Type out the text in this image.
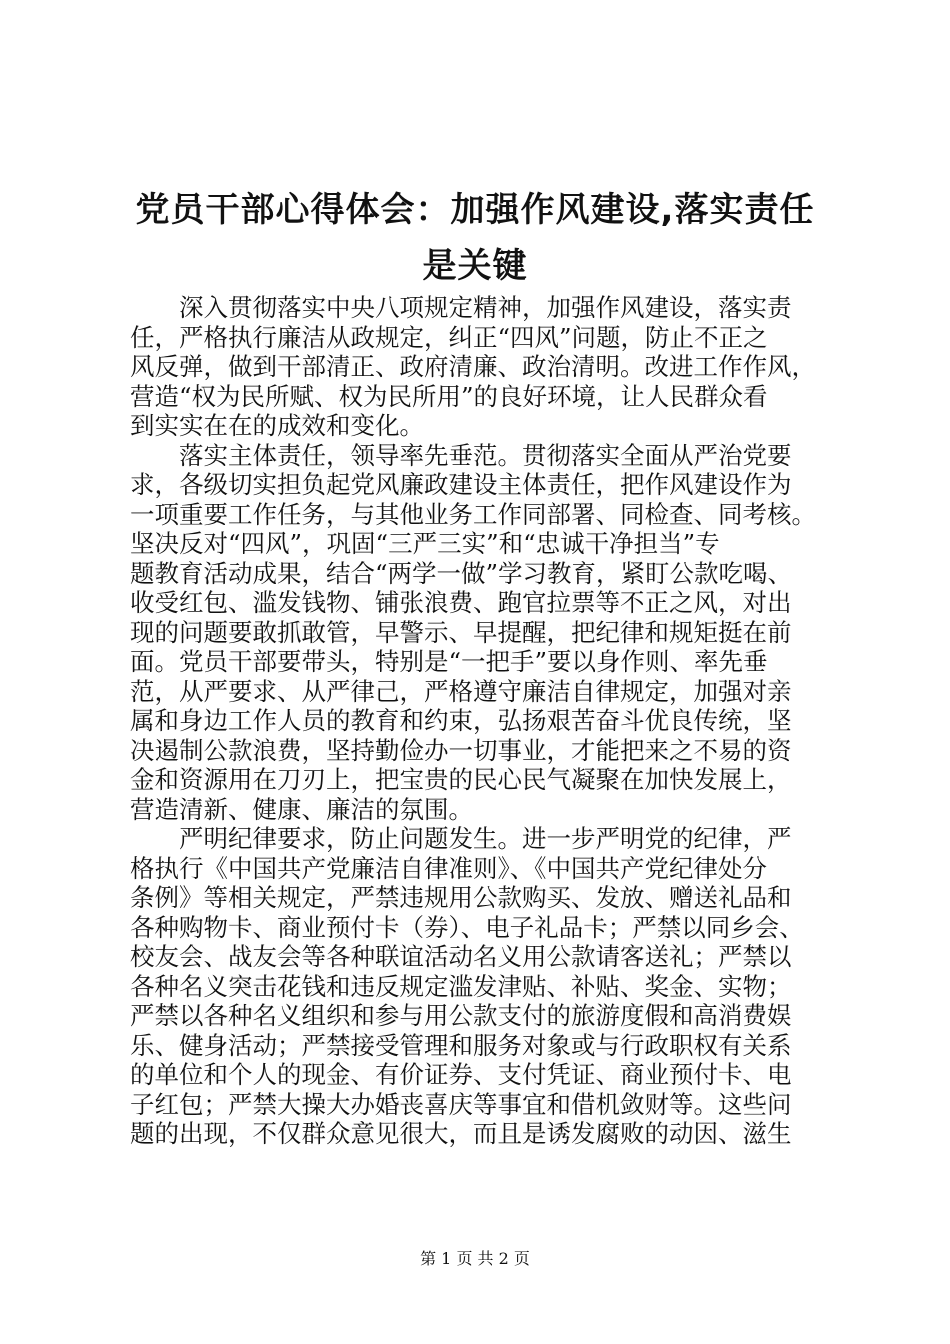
党员干部心得体会：加强作风建设,落实责任
是关键
　　深入贯彻落实中央八项规定精神，加强作风建设，落实责
任，严格执行廉洁从政规定，纠正“四风”问题，防止不正之
风反弹，做到干部清正、政府清廉、政治清明。改进工作作风，
营造“权为民所赋、权为民所用”的良好环境，让人民群众看
到实实在在的成效和变化。
　　落实主体责任，领导率先垂范。贯彻落实全面从严治党要
求，各级切实担负起党风廉政建设主体责任，把作风建设作为
一项重要工作任务，与其他业务工作同部署、同检查、同考核。
坚决反对“四风”，巩固“三严三实”和“忠诚干净担当”专
题教育活动成果，结合“两学一做”学习教育，紧盯公款吃喝、
收受红包、滥发钱物、铺张浪费、跑官拉票等不正之风，对出
现的问题要敢抓敢管，早警示、早提醒，把纪律和规矩挺在前
面。党员干部要带头，特别是“一把手”要以身作则、率先垂
范，从严要求、从严律己，严格遵守廉洁自律规定，加强对亲
属和身边工作人员的教育和约束，弘扬艰苦奋斗优良传统，坚
决遏制公款浪费，坚持勤俭办一切事业，才能把来之不易的资
金和资源用在刀刃上，把宝贵的民心民气凝聚在加快发展上，
营造清新、健康、廉洁的氛围。
　　严明纪律要求，防止问题发生。进一步严明党的纪律，严
格执行《中国共产党廉洁自律准则》、《中国共产党纪律处分
条例》等相关规定，严禁违规用公款购买、发放、赠送礼品和
各种购物卡、商业预付卡（券）、电子礼品卡；严禁以同乡会、
校友会、战友会等各种联谊活动名义用公款请客送礼；严禁以
各种名义突击花钱和违反规定滥发津贴、补贴、奖金、实物；
严禁以各种名义组织和参与用公款支付的旅游度假和高消费娱
乐、健身活动；严禁接受管理和服务对象或与行政职权有关系
的单位和个人的现金、有价证券、支付凭证、商业预付卡、电
子红包；严禁大操大办婚丧喜庆等事宜和借机敛财等。这些问
题的出现，不仅群众意见很大，而且是诱发腐败的动因、滋生
第 1 页 共 2 页
